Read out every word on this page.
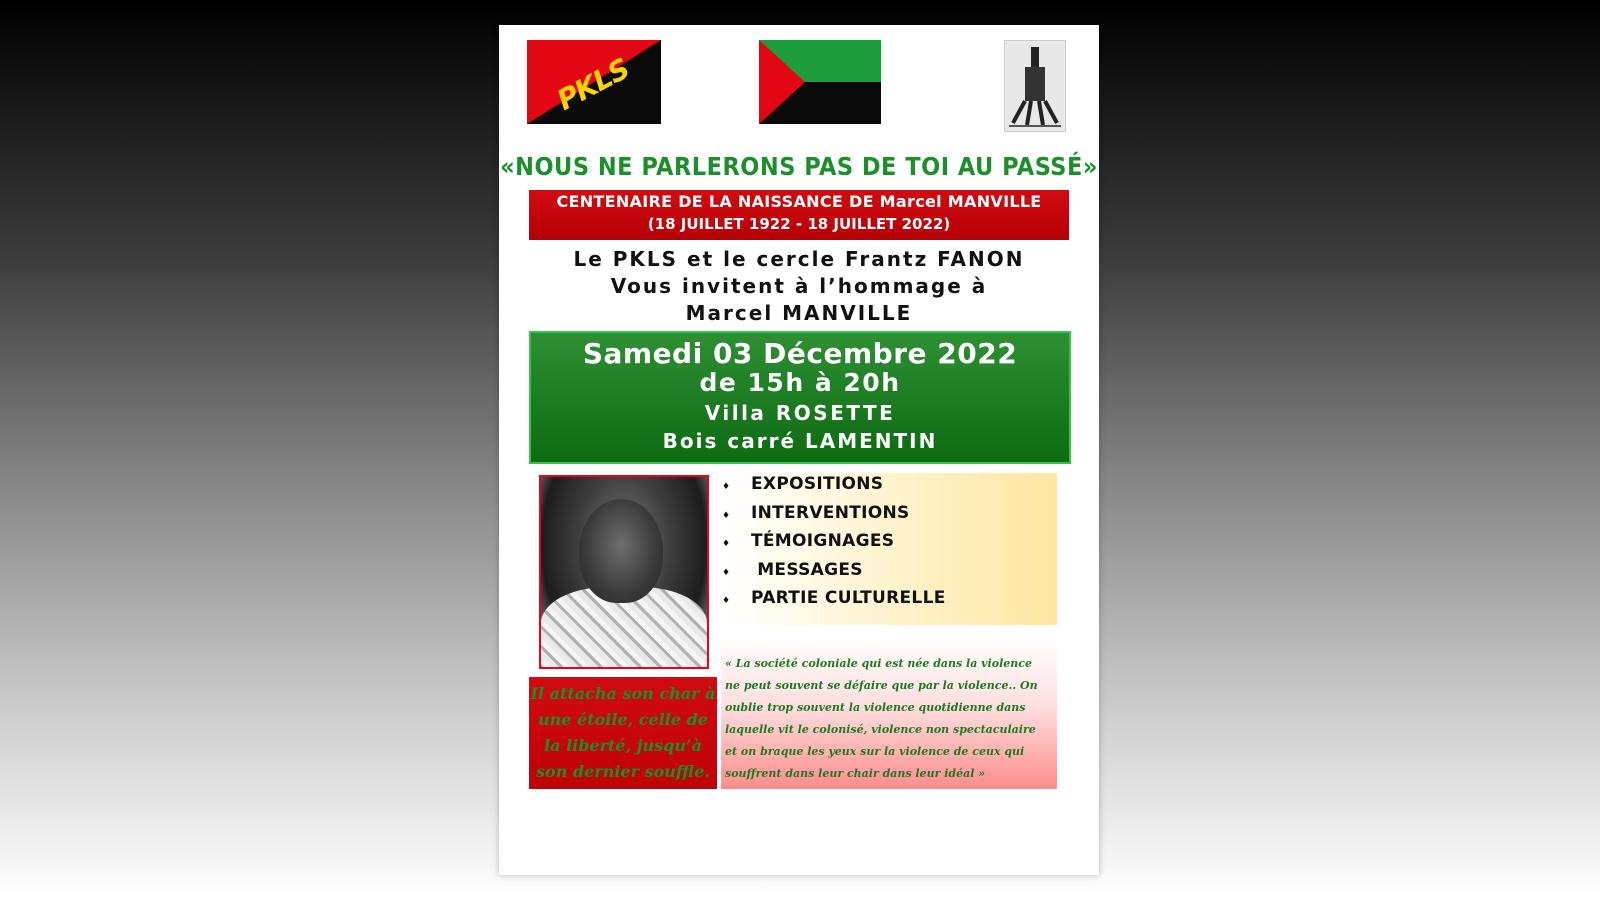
PKLS
«NOUS NE PARLERONS PAS DE TOI AU PASSÉ»
CENTENAIRE DE LA NAISSANCE DE Marcel MANVILLE
(18 JUILLET 1922 - 18 JUILLET 2022)
Le PKLS et le cercle Frantz FANON
Vous invitent à l’hommage à
Marcel MANVILLE
Samedi 03 Décembre 2022
de 15h à 20h
Villa ROSETTE
Bois carré LAMENTIN
♦ EXPOSITIONS
♦ INTERVENTIONS
♦ TÉMOIGNAGES
♦  MESSAGES
♦ PARTIE CULTURELLE
Il attacha son char à une étoile, celle de la liberté, jusqu’à son dernier souffle.

« La société coloniale qui est née dans la violence ne peut souvent se défaire que par la violence.. On oublie trop souvent la violence quotidienne dans laquelle vit le colonisé, violence non spectaculaire et on braque les yeux sur la violence de ceux qui souffrent dans leur chair dans leur idéal »
